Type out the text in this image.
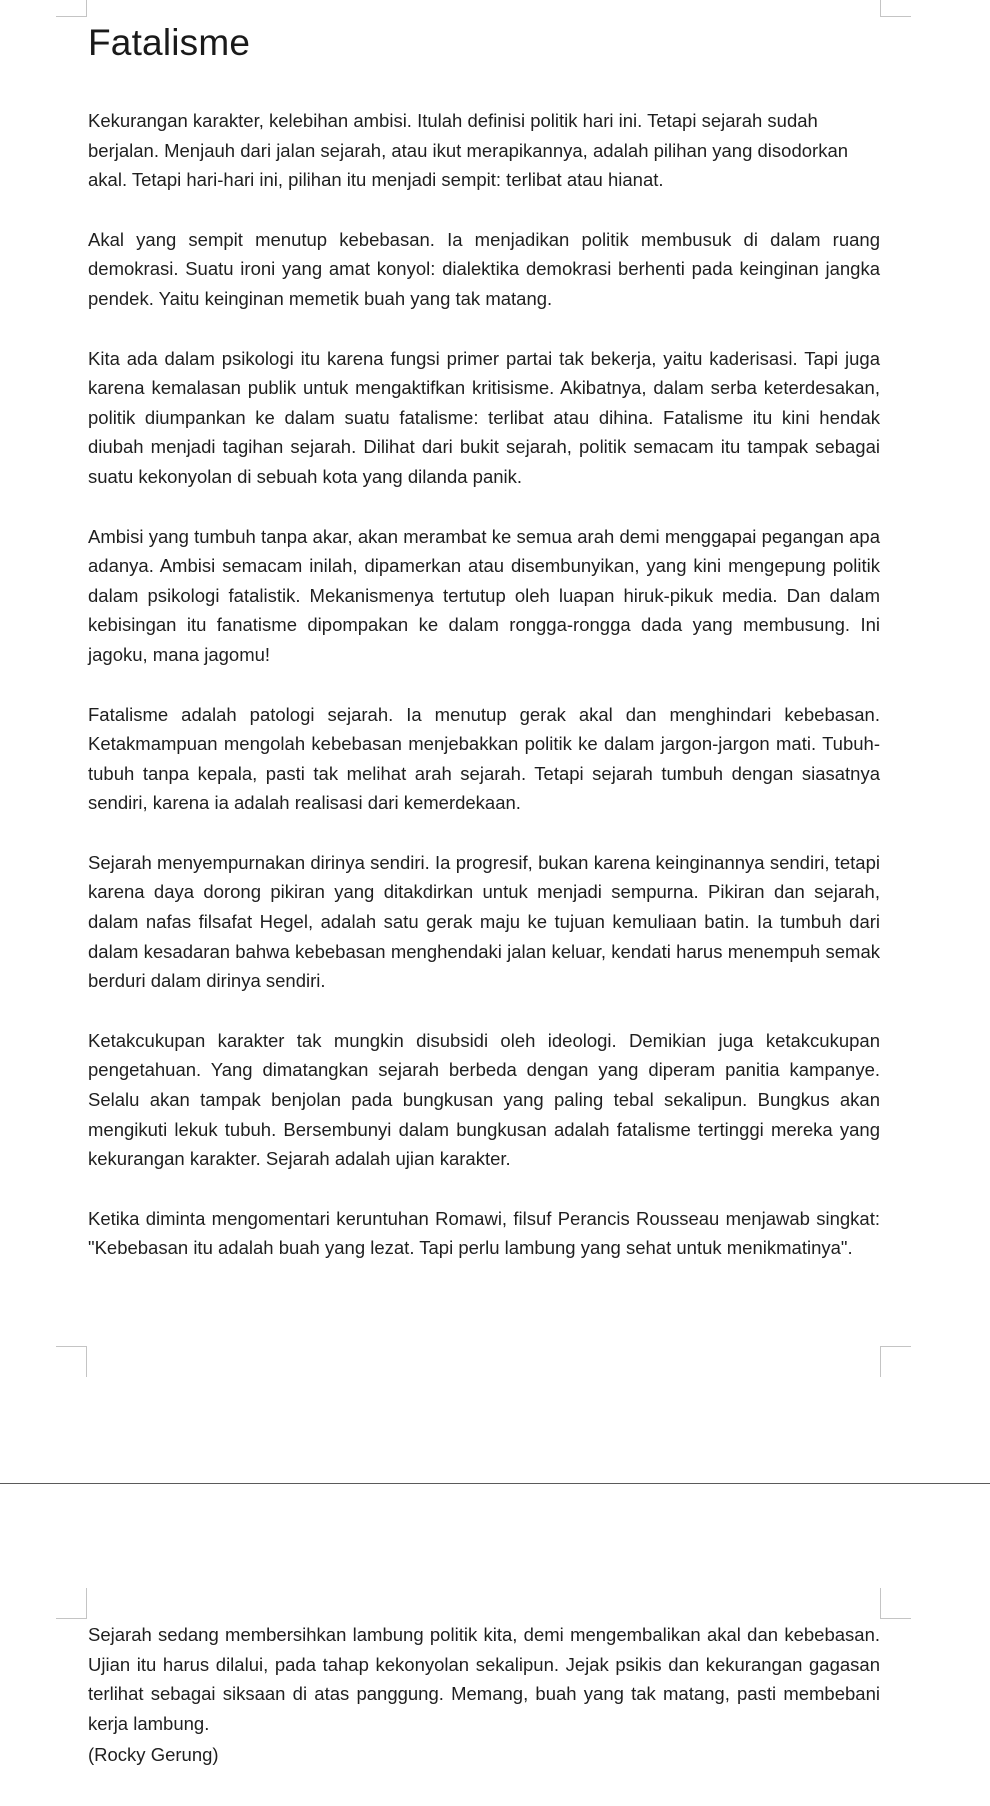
Fatalisme

Kekurangan karakter, kelebihan ambisi. Itulah definisi politik hari ini. Tetapi sejarah sudah berjalan. Menjauh dari jalan sejarah, atau ikut merapikannya, adalah pilihan yang disodorkan akal. Tetapi hari-hari ini, pilihan itu menjadi sempit: terlibat atau hianat.

Akal yang sempit menutup kebebasan. Ia menjadikan politik membusuk di dalam ruang demokrasi. Suatu ironi yang amat konyol: dialektika demokrasi berhenti pada keinginan jangka pendek. Yaitu keinginan memetik buah yang tak matang.

Kita ada dalam psikologi itu karena fungsi primer partai tak bekerja, yaitu kaderisasi. Tapi juga karena kemalasan publik untuk mengaktifkan kritisisme. Akibatnya, dalam serba keterdesakan, politik diumpankan ke dalam suatu fatalisme: terlibat atau dihina. Fatalisme itu kini hendak diubah menjadi tagihan sejarah. Dilihat dari bukit sejarah, politik semacam itu tampak sebagai suatu kekonyolan di sebuah kota yang dilanda panik.

Ambisi yang tumbuh tanpa akar, akan merambat ke semua arah demi menggapai pegangan apa adanya. Ambisi semacam inilah, dipamerkan atau disembunyikan, yang kini mengepung politik dalam psikologi fatalistik. Mekanismenya tertutup oleh luapan hiruk-pikuk media. Dan dalam kebisingan itu fanatisme dipompakan ke dalam rongga-rongga dada yang membusung. Ini jagoku, mana jagomu!

Fatalisme adalah patologi sejarah. Ia menutup gerak akal dan menghindari kebebasan. Ketakmampuan mengolah kebebasan menjebakkan politik ke dalam jargon-jargon mati. Tubuh-tubuh tanpa kepala, pasti tak melihat arah sejarah. Tetapi sejarah tumbuh dengan siasatnya sendiri, karena ia adalah realisasi dari kemerdekaan.

Sejarah menyempurnakan dirinya sendiri. Ia progresif, bukan karena keinginannya sendiri, tetapi karena daya dorong pikiran yang ditakdirkan untuk menjadi sempurna. Pikiran dan sejarah, dalam nafas filsafat Hegel, adalah satu gerak maju ke tujuan kemuliaan batin. Ia tumbuh dari dalam kesadaran bahwa kebebasan menghendaki jalan keluar, kendati harus menempuh semak berduri dalam dirinya sendiri.

Ketakcukupan karakter tak mungkin disubsidi oleh ideologi. Demikian juga ketakcukupan pengetahuan. Yang dimatangkan sejarah berbeda dengan yang diperam panitia kampanye. Selalu akan tampak benjolan pada bungkusan yang paling tebal sekalipun. Bungkus akan mengikuti lekuk tubuh. Bersembunyi dalam bungkusan adalah fatalisme tertinggi mereka yang kekurangan karakter. Sejarah adalah ujian karakter.

Ketika diminta mengomentari keruntuhan Romawi, filsuf Perancis Rousseau menjawab singkat: "Kebebasan itu adalah buah yang lezat. Tapi perlu lambung yang sehat untuk menikmatinya".

Sejarah sedang membersihkan lambung politik kita, demi mengembalikan akal dan kebebasan. Ujian itu harus dilalui, pada tahap kekonyolan sekalipun. Jejak psikis dan kekurangan gagasan terlihat sebagai siksaan di atas panggung. Memang, buah yang tak matang, pasti membebani kerja lambung.

(Rocky Gerung)
